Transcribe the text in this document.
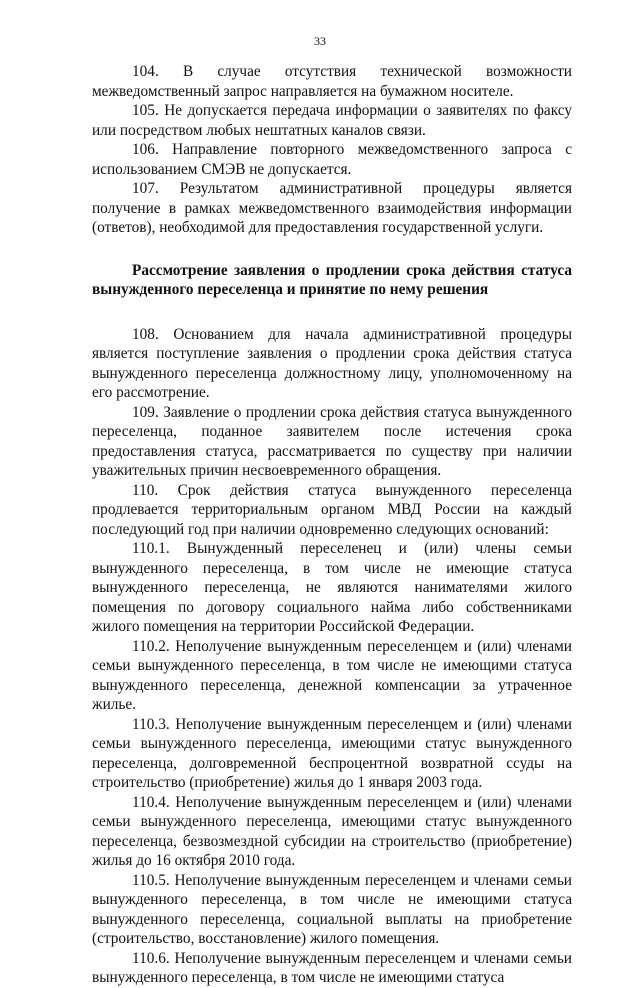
33

104. В случае отсутствия технической возможности межведомственный запрос направляется на бумажном носителе.

105. Не допускается передача информации о заявителях по факсу или посредством любых нештатных каналов связи.

106. Направление повторного межведомственного запроса с использованием СМЭВ не допускается.

107. Результатом административной процедуры является получение в рамках межведомственного взаимодействия информации (ответов), необходимой для предоставления государственной услуги.

Рассмотрение заявления о продлении срока действия статуса вынужденного переселенца и принятие по нему решения

108. Основанием для начала административной процедуры является поступление заявления о продлении срока действия статуса вынужденного переселенца должностному лицу, уполномоченному на его рассмотрение.

109. Заявление о продлении срока действия статуса вынужденного переселенца, поданное заявителем после истечения срока предоставления статуса, рассматривается по существу при наличии уважительных причин несвоевременного обращения.

110. Срок действия статуса вынужденного переселенца продлевается территориальным органом МВД России на каждый последующий год при наличии одновременно следующих оснований:

110.1. Вынужденный переселенец и (или) члены семьи вынужденного переселенца, в том числе не имеющие статуса вынужденного переселенца, не являются нанимателями жилого помещения по договору социального найма либо собственниками жилого помещения на территории Российской Федерации.

110.2. Неполучение вынужденным переселенцем и (или) членами семьи вынужденного переселенца, в том числе не имеющими статуса вынужденного переселенца, денежной компенсации за утраченное жилье.

110.3. Неполучение вынужденным переселенцем и (или) членами семьи вынужденного переселенца, имеющими статус вынужденного переселенца, долговременной беспроцентной возвратной ссуды на строительство (приобретение) жилья до 1 января 2003 года.

110.4. Неполучение вынужденным переселенцем и (или) членами семьи вынужденного переселенца, имеющими статус вынужденного переселенца, безвозмездной субсидии на строительство (приобретение) жилья до 16 октября 2010 года.

110.5. Неполучение вынужденным переселенцем и членами семьи вынужденного переселенца, в том числе не имеющими статуса вынужденного переселенца, социальной выплаты на приобретение (строительство, восстановление) жилого помещения.

110.6. Неполучение вынужденным переселенцем и членами семьи вынужденного переселенца, в том числе не имеющими статуса
